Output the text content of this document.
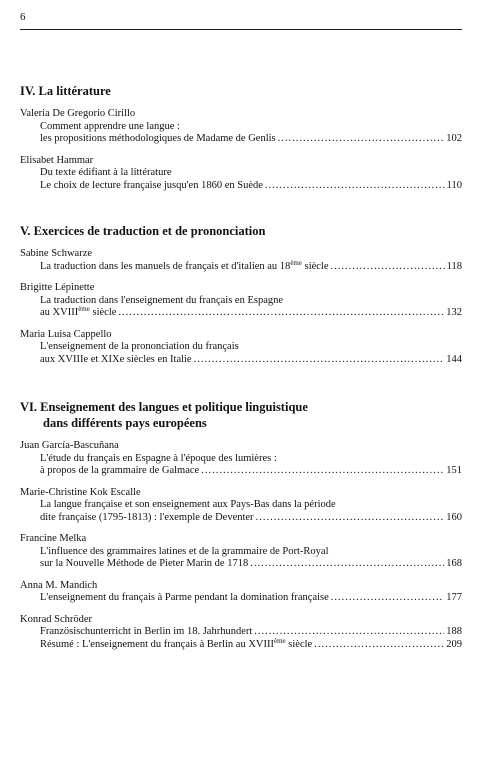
6
IV. La littérature
Valeria De Gregorio Cirillo
Comment apprendre une langue :
les propositions méthodologiques de Madame de Genlis .....	102
Elisabet Hammar
Du texte édifiant à la littérature
Le choix de lecture française jusqu'en 1860 en Suède .....	110
V. Exercices de traduction et de prononciation
Sabine Schwarze
La traduction dans les manuels de français et d'italien au 18ème siècle .....	118
Brigitte Lépinette
La traduction dans l'enseignement du français en Espagne
au XVIIIème siècle .....	132
Maria Luisa Cappello
L'enseignement de la prononciation du français
aux XVIIIe et XIXe siècles en Italie .....	144
VI. Enseignement des langues et politique linguistique
dans différents pays européens
Juan García-Bascuñana
L'étude du français en Espagne à l'époque des lumières :
à propos de la grammaire de Galmace .....	151
Marie-Christine Kok Escalle
La langue française et son enseignement aux Pays-Bas dans la période
dite française (1795-1813) : l'exemple de Deventer .....	160
Francine Melka
L'influence des grammaires latines et de la grammaire de Port-Royal
sur la Nouvelle Méthode de Pieter Marin de 1718 .....	168
Anna M. Mandich
L'enseignement du français à Parme pendant la domination française .....	177
Konrad Schröder
Französischunterricht in Berlin im 18. Jahrhundert .....	188
Résumé : L'enseignement du français à Berlin au XVIIIème siècle .....	209
